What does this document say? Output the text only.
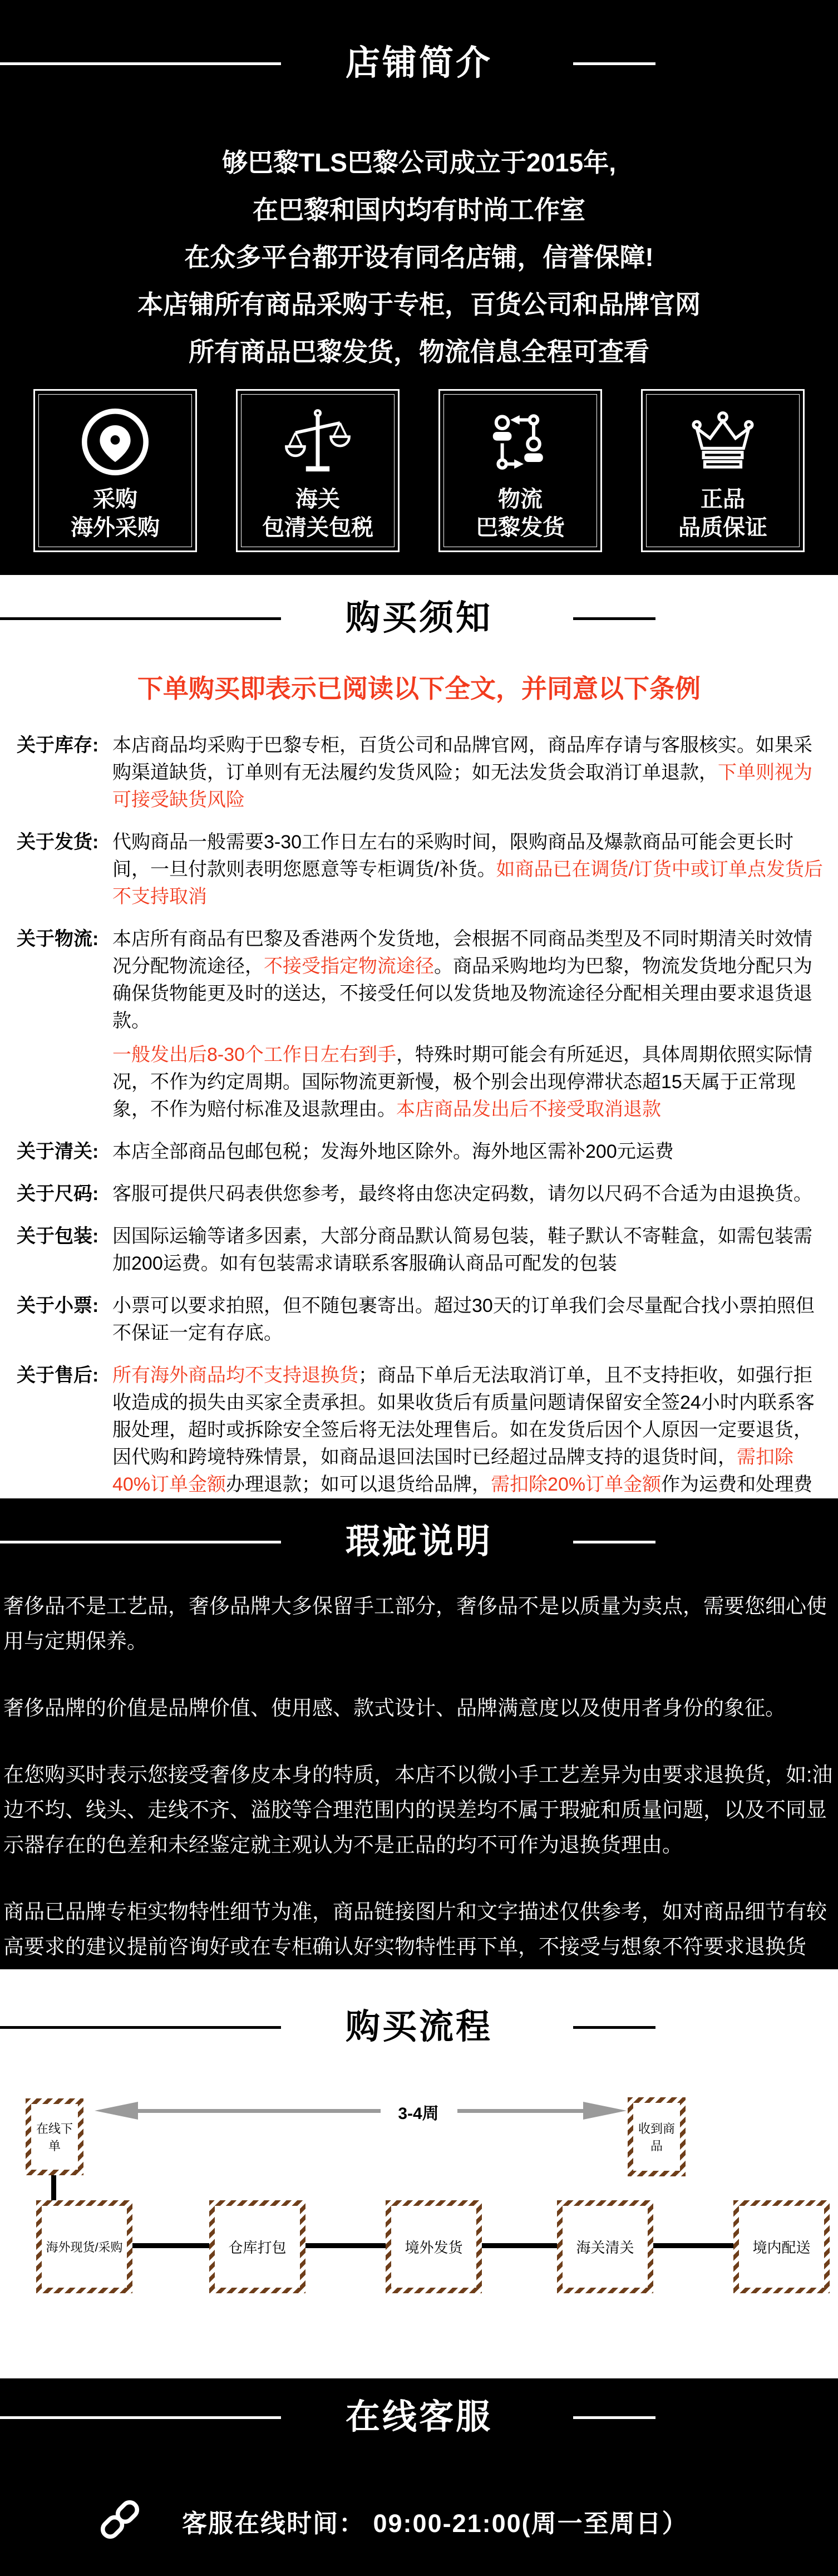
店铺简介
够巴黎TLS巴黎公司成立于2015年,
在巴黎和国内均有时尚工作室
在众多平台都开设有同名店铺，信誉保障!
本店铺所有商品采购于专柜，百货公司和品牌官网
所有商品巴黎发货，物流信息全程可查看
采购
海外采购
海关
包清关包税
物流
巴黎发货
正品
品质保证
购买须知
下单购买即表示已阅读以下全文，并同意以下条例
关于库存: 本店商品均采购于巴黎专柜，百货公司和品牌官网，商品库存请与客服核实。如果采购渠道缺货，订单则有无法履约发货风险；如无法发货会取消订单退款，下单则视为可接受缺货风险
关于发货: 代购商品一般需要3-30工作日左右的采购时间，限购商品及爆款商品可能会更长时间，一旦付款则表明您愿意等专柜调货/补货。如商品已在调货/订货中或订单点发货后不支持取消
关于物流: 本店所有商品有巴黎及香港两个发货地，会根据不同商品类型及不同时期清关时效情况分配物流途径，不接受指定物流途径。商品采购地均为巴黎，物流发货地分配只为确保货物能更及时的送达，不接受任何以发货地及物流途径分配相关理由要求退货退款。
一般发出后8-30个工作日左右到手，特殊时期可能会有所延迟，具体周期依照实际情况，不作为约定周期。国际物流更新慢，极个别会出现停滞状态超15天属于正常现象，不作为赔付标准及退款理由。本店商品发出后不接受取消退款
关于清关: 本店全部商品包邮包税；发海外地区除外。海外地区需补200元运费
关于尺码: 客服可提供尺码表供您参考，最终将由您决定码数，请勿以尺码不合适为由退换货。
关于包装: 因国际运输等诸多因素，大部分商品默认简易包装，鞋子默认不寄鞋盒，如需包装需加200运费。如有包装需求请联系客服确认商品可配发的包装
关于小票: 小票可以要求拍照，但不随包裹寄出。超过30天的订单我们会尽量配合找小票拍照但不保证一定有存底。
关于售后: 所有海外商品均不支持退换货；商品下单后无法取消订单，且不支持拒收，如强行拒收造成的损失由买家全责承担。如果收货后有质量问题请保留安全签24小时内联系客服处理，超时或拆除安全签后将无法处理售后。如在发货后因个人原因一定要退货，因代购和跨境特殊情景，如商品退回法国时已经超过品牌支持的退货时间，需扣除40%订单金额办理退款；如可以退货给品牌，需扣除20%订单金额作为运费和处理费
瑕疵说明

奢侈品不是工艺品，奢侈品牌大多保留手工部分，奢侈品不是以质量为卖点，需要您细心使用与定期保养。

奢侈品牌的价值是品牌价值、使用感、款式设计、品牌满意度以及使用者身份的象征。

在您购买时表示您接受奢侈皮本身的特质，本店不以微小手工艺差异为由要求退换货，如:油边不均、线头、走线不齐、溢胶等合理范围内的误差均不属于瑕疵和质量问题，以及不同显示器存在的色差和未经鉴定就主观认为不是正品的均不可作为退换货理由。

商品已品牌专柜实物特性细节为准，商品链接图片和文字描述仅供参考，如对商品细节有较高要求的建议提前咨询好或在专柜确认好实物特性再下单，不接受与想象不符要求退换货

购买流程
在线下单
收到商品
3-4周
海外现货/采购	仓库打包	境外发货	海关清关	境内配送
在线客服
客服在线时间： 09:00-21:00(周一至周日）
